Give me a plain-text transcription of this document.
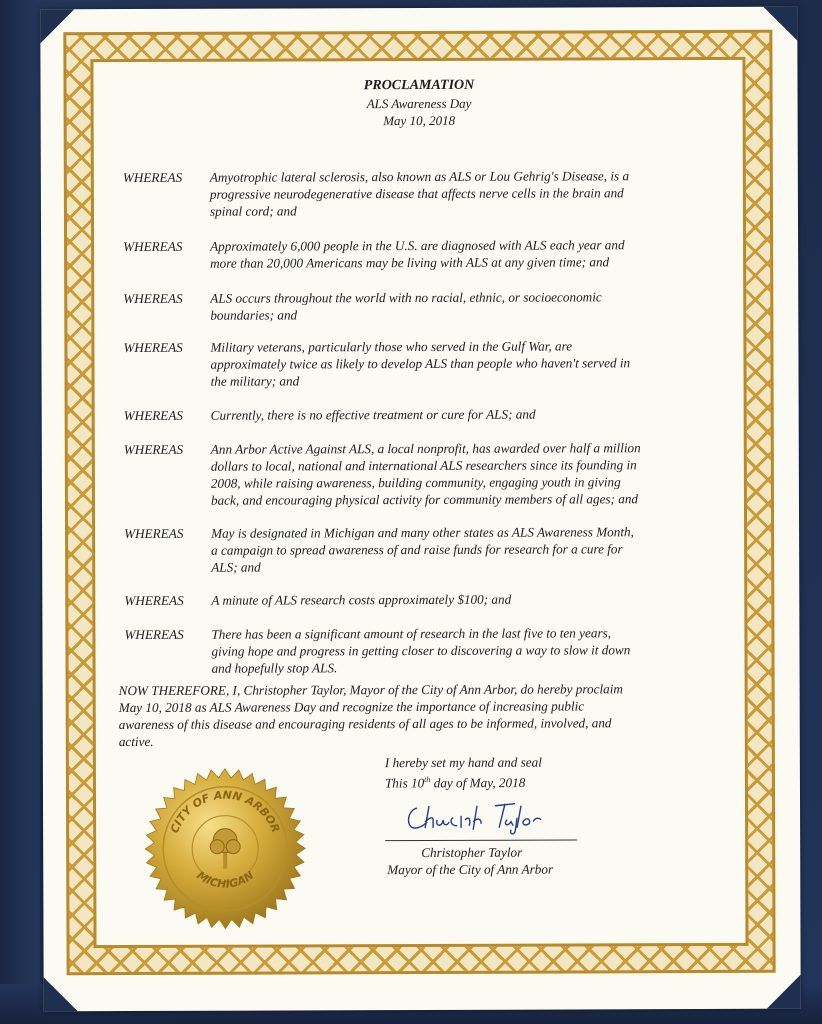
PROCLAMATION
ALS Awareness Day
May 10, 2018
WHEREAS	Amyotrophic lateral sclerosis, also known as ALS or Lou Gehrig's Disease, is a
progressive neurodegenerative disease that affects nerve cells in the brain and
spinal cord; and
WHEREAS	Approximately 6,000 people in the U.S. are diagnosed with ALS each year and
more than 20,000 Americans may be living with ALS at any given time; and
WHEREAS	ALS occurs throughout the world with no racial, ethnic, or socioeconomic
boundaries; and
WHEREAS	Military veterans, particularly those who served in the Gulf War, are
approximately twice as likely to develop ALS than people who haven't served in
the military; and
WHEREAS	Currently, there is no effective treatment or cure for ALS; and
WHEREAS	Ann Arbor Active Against ALS, a local nonprofit, has awarded over half a million
dollars to local, national and international ALS researchers since its founding in
2008, while raising awareness, building community, engaging youth in giving
back, and encouraging physical activity for community members of all ages; and
WHEREAS	May is designated in Michigan and many other states as ALS Awareness Month,
a campaign to spread awareness of and raise funds for research for a cure for
ALS; and
WHEREAS	A minute of ALS research costs approximately $100; and
WHEREAS	There has been a significant amount of research in the last five to ten years,
giving hope and progress in getting closer to discovering a way to slow it down
and hopefully stop ALS.
NOW THEREFORE, I, Christopher Taylor, Mayor of the City of Ann Arbor, do hereby proclaim
May 10, 2018 as ALS Awareness Day and recognize the importance of increasing public
awareness of this disease and encouraging residents of all ages to be informed, involved, and
active.
I hereby set my hand and seal
This 10th day of May, 2018
Christopher Taylor
Mayor of the City of Ann Arbor
CITY OF ANN ARBOR
MICHIGAN
